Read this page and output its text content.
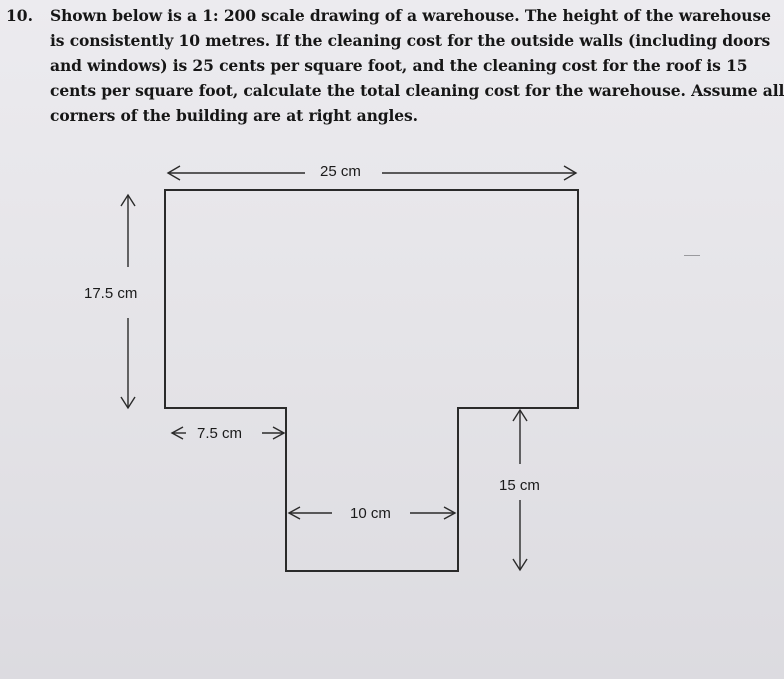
10. Shown below is a 1: 200 scale drawing of a warehouse. The height of the warehouse
is consistently 10 metres. If the cleaning cost for the outside walls (including doors
and windows) is 25 cents per square foot, and the cleaning cost for the roof is 15
cents per square foot, calculate the total cleaning cost for the warehouse. Assume all
corners of the building are at right angles.
25 cm
17.5 cm
7.5 cm
10 cm
15 cm
